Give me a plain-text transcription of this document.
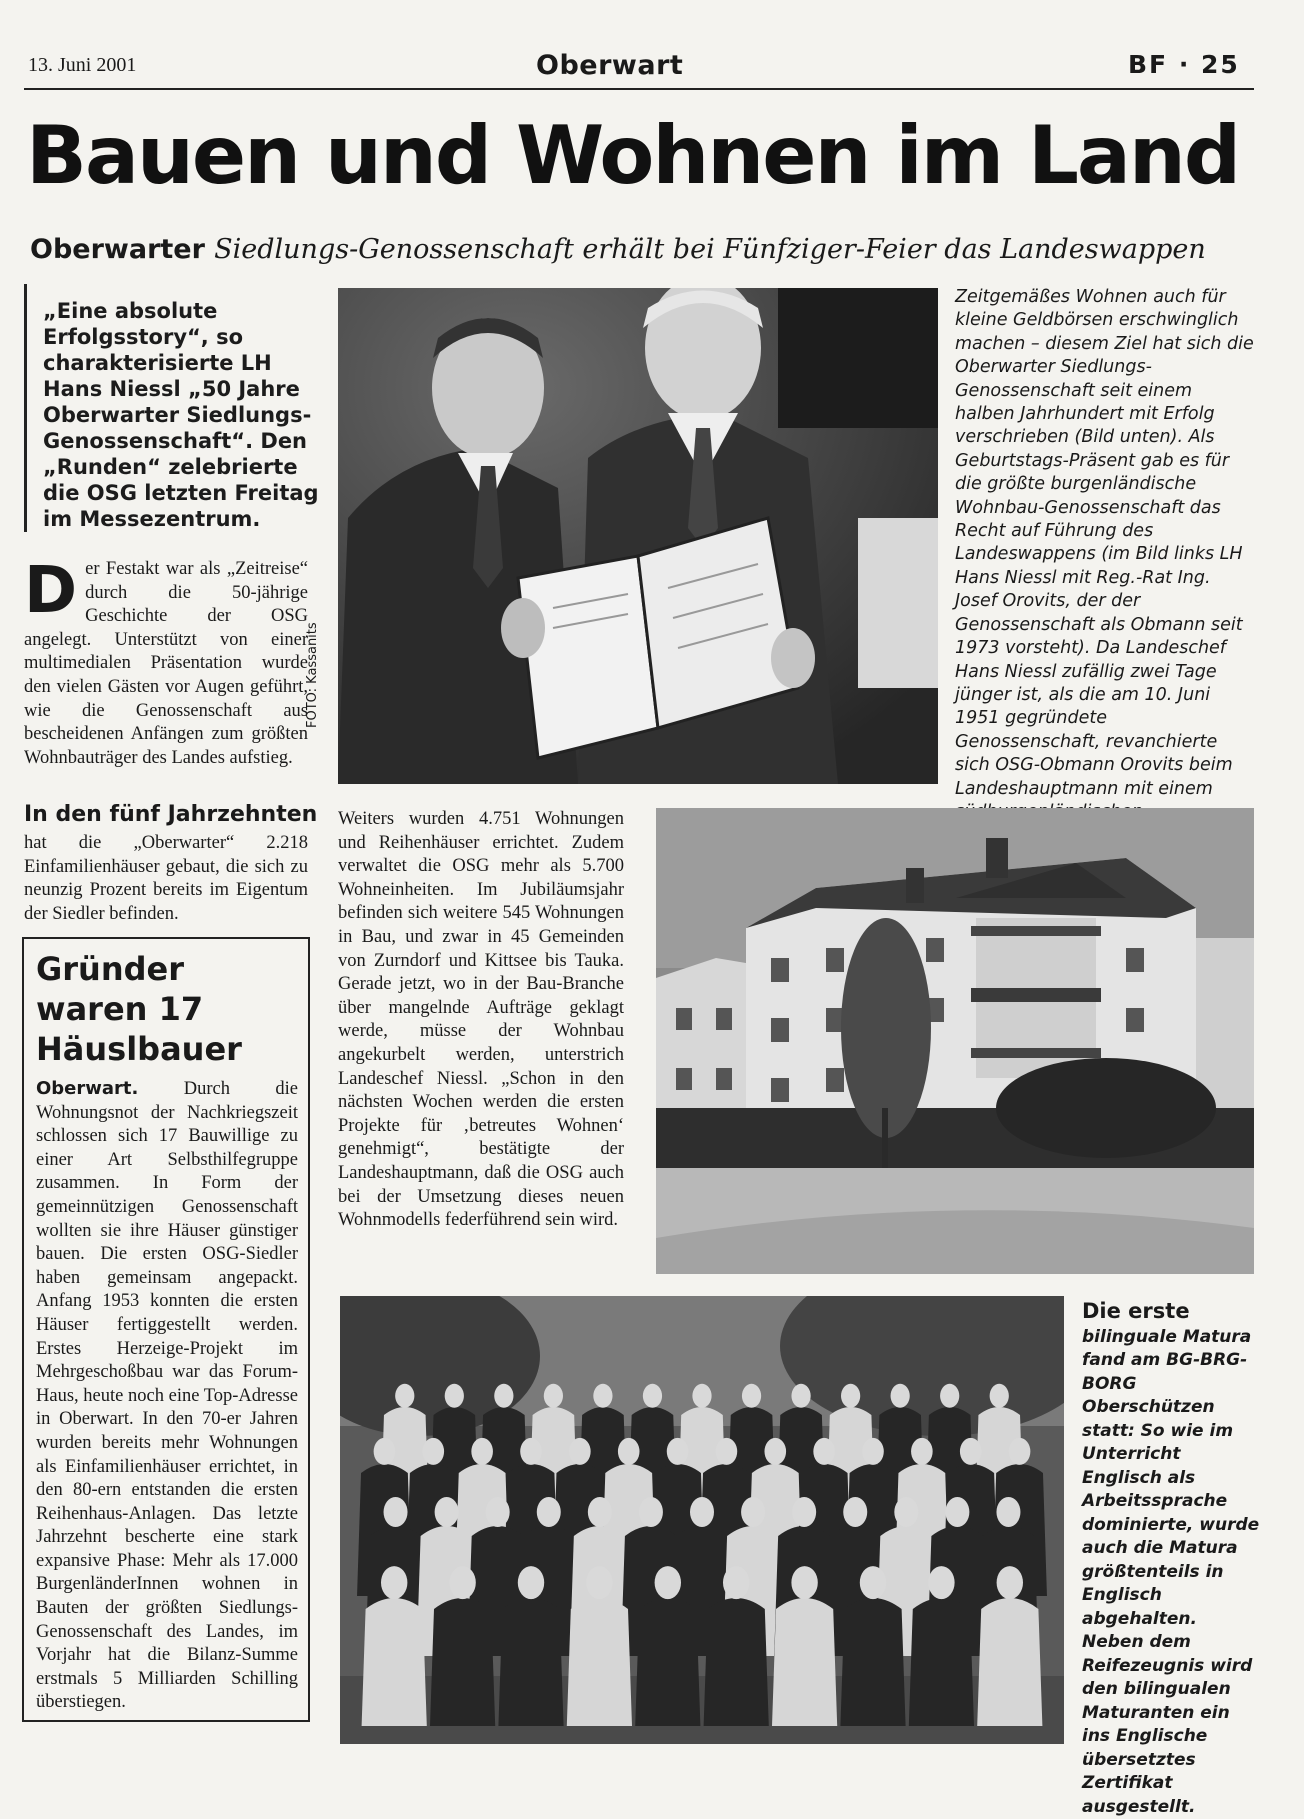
13. Juni 2001	Oberwart	BF · 25
Bauen und Wohnen im Land
Oberwarter Siedlungs-Genossenschaft erhält bei Fünfziger-Feier das Landeswappen

„Eine absolute Erfolgsstory“, so charakterisierte LH Hans Niessl „50 Jahre Oberwarter Siedlungs-Genossenschaft“. Den „Runden“ zelebrierte die OSG letzten Freitag im Messezentrum.

Der Festakt war als „Zeitreise“ durch die 50-jährige Geschichte der OSG angelegt. Unterstützt von einer multimedialen Präsentation wurde den vielen Gästen vor Augen geführt, wie die Genossenschaft aus bescheidenen Anfängen zum größten Wohnbauträger des Landes aufstieg.

In den fünf Jahrzehnten

hat die „Oberwarter“ 2.218 Einfamilienhäuser gebaut, die sich zu neunzig Prozent bereits im Eigentum der Siedler befinden.

Gründer waren 17 Häuslbauer

Oberwart. Durch die Wohnungsnot der Nachkriegszeit schlossen sich 17 Bauwillige zu einer Art Selbsthilfegruppe zusammen. In Form der gemeinnützigen Genossenschaft wollten sie ihre Häuser günstiger bauen. Die ersten OSG-Siedler haben gemeinsam angepackt. Anfang 1953 konnten die ersten Häuser fertiggestellt werden. Erstes Herzeige-Projekt im Mehrgeschoßbau war das Forum-Haus, heute noch eine Top-Adresse in Oberwart. In den 70-er Jahren wurden bereits mehr Wohnungen als Einfamilienhäuser errichtet, in den 80-ern entstanden die ersten Reihenhaus-Anlagen. Das letzte Jahrzehnt bescherte eine stark expansive Phase: Mehr als 17.000 BurgenländerInnen wohnen in Bauten der größten Siedlungs-Genossenschaft des Landes, im Vorjahr hat die Bilanz-Summe erstmals 5 Milliarden Schilling überstiegen.

FOTO: Kassanits

Zeitgemäßes Wohnen auch für kleine Geldbörsen erschwinglich machen – diesem Ziel hat sich die Oberwarter Siedlungs-Genossenschaft seit einem halben Jahrhundert mit Erfolg verschrieben (Bild unten). Als Geburtstags-Präsent gab es für die größte burgenländische Wohnbau-Genossenschaft das Recht auf Führung des Landeswappens (im Bild links LH Hans Niessl mit Reg.-Rat Ing. Josef Orovits, der der Genossenschaft als Obmann seit 1973 vorsteht). Da Landeschef Hans Niessl zufällig zwei Tage jünger ist, als die am 10. Juni 1951 gegründete Genossenschaft, revanchierte sich OSG-Obmann Orovits beim Landeshauptmann mit einem

Weiters wurden 4.751 Wohnungen und Reihenhäuser errichtet. Zudem verwaltet die OSG mehr als 5.700 Wohneinheiten. Im Jubiläumsjahr befinden sich weitere 545 Wohnungen in Bau, und zwar in 45 Gemeinden von Zurndorf und Kittsee bis Tauka. Gerade jetzt, wo in der Bau-Branche über mangelnde Aufträge geklagt werde, müsse der Wohnbau angekurbelt werden, unterstrich Landeschef Niessl. „Schon in den nächsten Wochen werden die ersten Projekte für ‚betreutes Wohnen‘ genehmigt“, bestätigte der Landeshauptmann, daß die OSG auch bei der Umsetzung dieses neuen Wohnmodells federführend sein wird.

Die erste bilinguale Matura fand am BG-BRG-BORG Oberschützen statt: So wie im Unterricht Englisch als Arbeitssprache dominierte, wurde auch die Matura größtenteils in Englisch abgehalten. Neben dem Reifezeugnis wird den bilingualen Maturanten ein ins Englische übersetztes Zertifikat ausgestellt.
